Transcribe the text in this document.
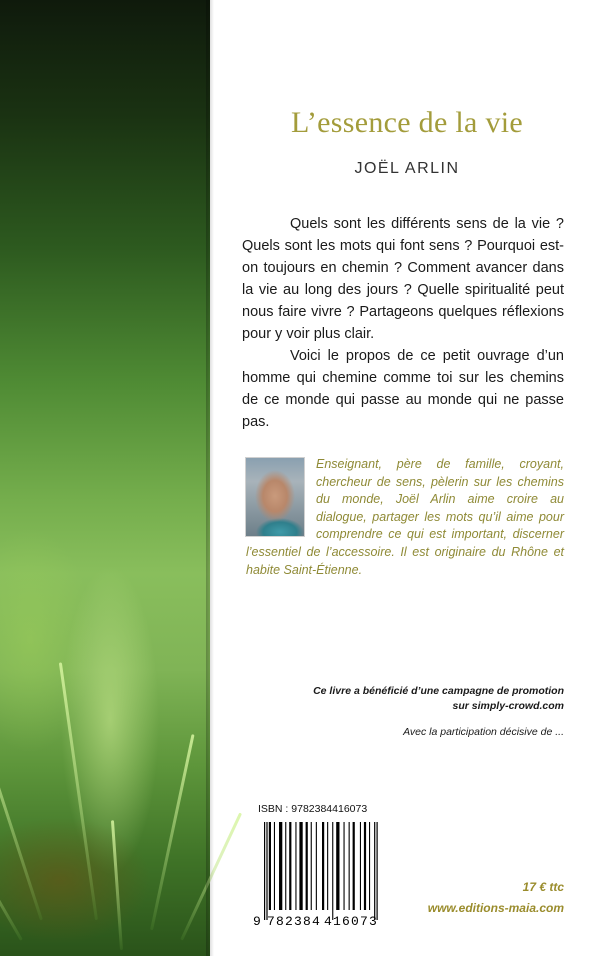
L’essence de la vie
JOËL ARLIN

Quels sont les différents sens de la vie ? Quels sont les mots qui font sens ? Pourquoi est-on toujours en chemin ? Comment avancer dans la vie au long des jours ? Quelle spiritualité peut nous faire vivre ? Partageons quelques réflexions pour y voir plus clair.

Voici le propos de ce petit ouvrage d’un homme qui chemine comme toi sur les chemins de ce monde qui passe au monde qui ne passe pas.

Enseignant, père de famille, croyant, chercheur de sens, pèlerin sur les chemins du monde, Joël Arlin aime croire au dialogue, partager les mots qu’il aime pour comprendre ce qui est important, discerner l’essentiel de l’accessoire. Il est originaire du Rhône et habite Saint-Étienne.

Ce livre a bénéficié d’une campagne de promotion
sur simply-crowd.com
Avec la participation décisive de ...
ISBN : 9782384416073
9 782384 416073
17 € ttc
www.editions-maia.com
